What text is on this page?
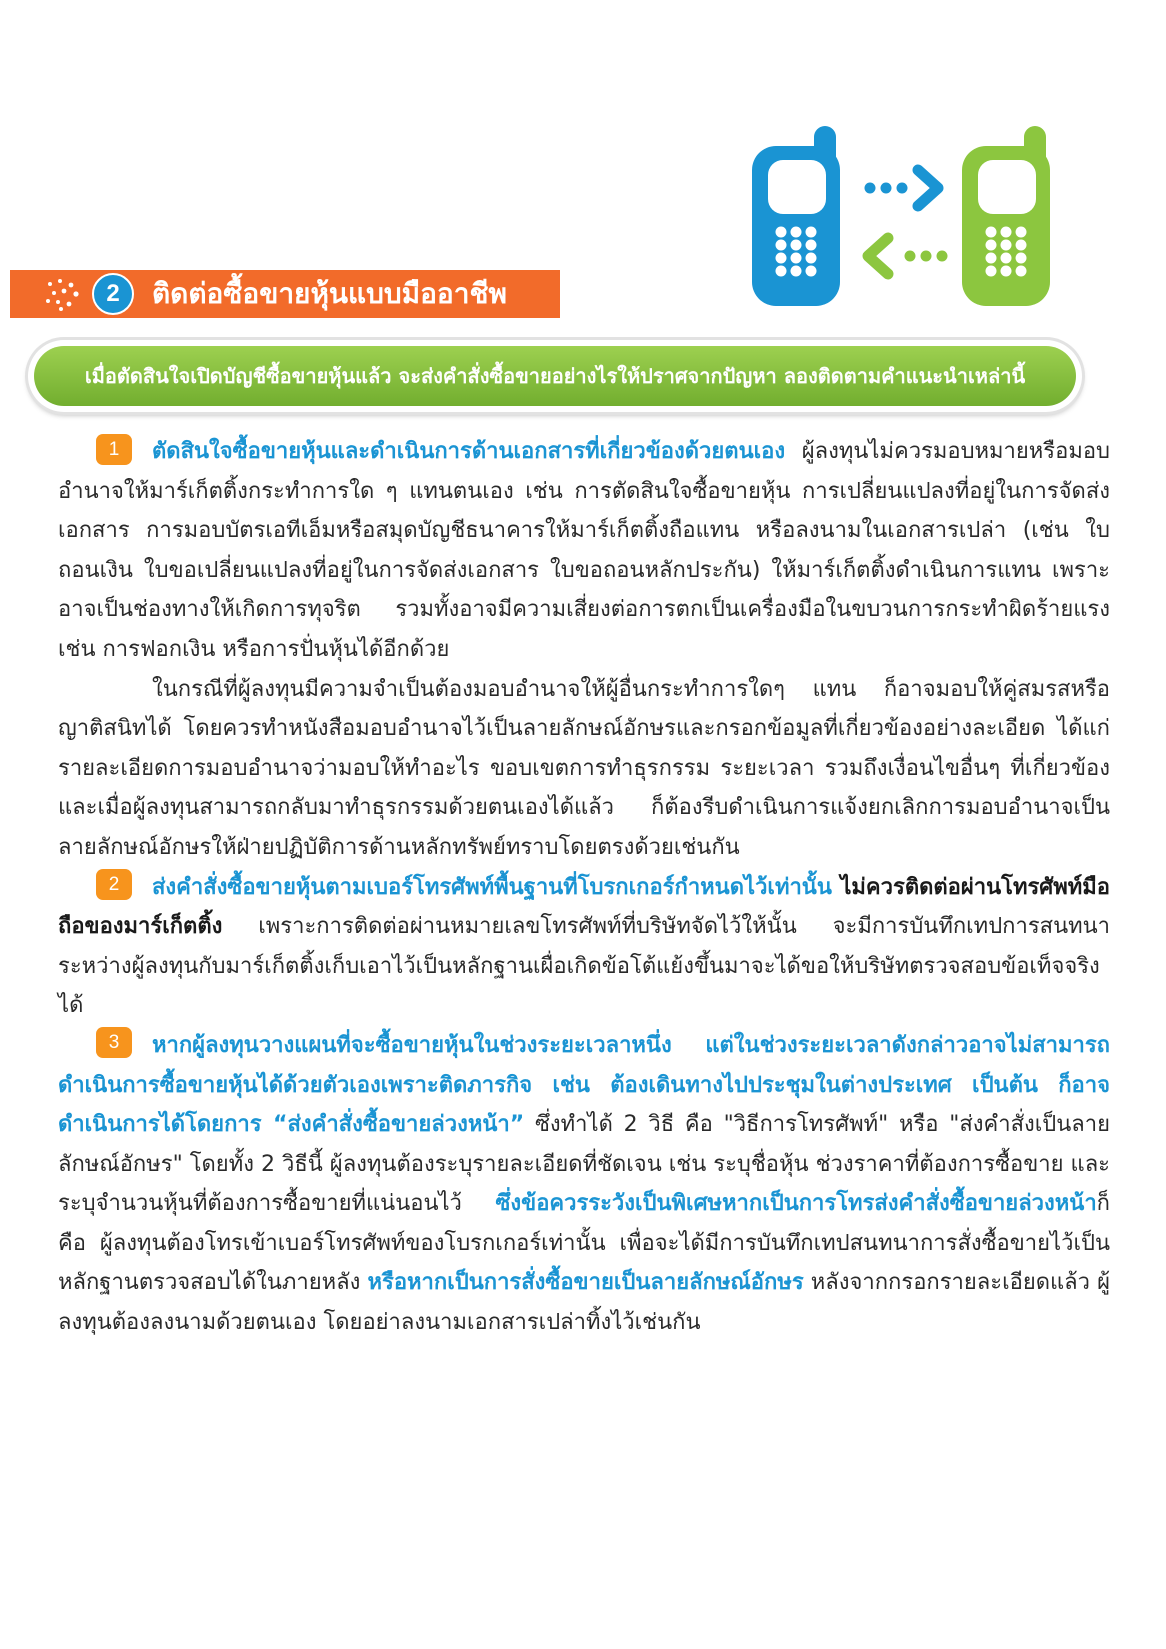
2	ติดต่อซื้อขายหุ้นแบบมืออาชีพ
เมื่อตัดสินใจเปิดบัญชีซื้อขายหุ้นแล้ว จะส่งคำสั่งซื้อขายอย่างไรให้ปราศจากปัญหา ลองติดตามคำแนะนำเหล่านี้

1 ตัดสินใจซื้อขายหุ้นและดำเนินการด้านเอกสารที่เกี่ยวข้องด้วยตนเอง ผู้ลงทุนไม่ควรมอบหมายหรือมอบอำนาจให้มาร์เก็ตติ้งกระทำการใด ๆ แทนตนเอง เช่น การตัดสินใจซื้อขายหุ้น การเปลี่ยนแปลงที่อยู่ในการจัดส่งเอกสาร การมอบบัตรเอทีเอ็มหรือสมุดบัญชีธนาคารให้มาร์เก็ตติ้งถือแทน หรือลงนามในเอกสารเปล่า (เช่น ใบถอนเงิน ใบขอเปลี่ยนแปลงที่อยู่ในการจัดส่งเอกสาร ใบขอถอนหลักประกัน) ให้มาร์เก็ตติ้งดำเนินการแทน เพราะอาจเป็นช่องทางให้เกิดการทุจริต รวมทั้งอาจมีความเสี่ยงต่อการตกเป็นเครื่องมือในขบวนการกระทำผิดร้ายแรง เช่น การฟอกเงิน หรือการปั่นหุ้นได้อีกด้วย

ในกรณีที่ผู้ลงทุนมีความจำเป็นต้องมอบอำนาจให้ผู้อื่นกระทำการใดๆ แทน ก็อาจมอบให้คู่สมรสหรือญาติสนิทได้ โดยควรทำหนังสือมอบอำนาจไว้เป็นลายลักษณ์อักษรและกรอกข้อมูลที่เกี่ยวข้องอย่างละเอียด ได้แก่ รายละเอียดการมอบอำนาจว่ามอบให้ทำอะไร ขอบเขตการทำธุรกรรม ระยะเวลา รวมถึงเงื่อนไขอื่นๆ ที่เกี่ยวข้อง และเมื่อผู้ลงทุนสามารถกลับมาทำธุรกรรมด้วยตนเองได้แล้ว ก็ต้องรีบดำเนินการแจ้งยกเลิกการมอบอำนาจเป็นลายลักษณ์อักษรให้ฝ่ายปฏิบัติการด้านหลักทรัพย์ทราบโดยตรงด้วยเช่นกัน

2 ส่งคำสั่งซื้อขายหุ้นตามเบอร์โทรศัพท์พื้นฐานที่โบรกเกอร์กำหนดไว้เท่านั้น ไม่ควรติดต่อผ่านโทรศัพท์มือถือของมาร์เก็ตติ้ง เพราะการติดต่อผ่านหมายเลขโทรศัพท์ที่บริษัทจัดไว้ให้นั้น จะมีการบันทึกเทปการสนทนาระหว่างผู้ลงทุนกับมาร์เก็ตติ้งเก็บเอาไว้เป็นหลักฐานเผื่อเกิดข้อโต้แย้งขึ้นมาจะได้ขอให้บริษัทตรวจสอบข้อเท็จจริงได้

3 หากผู้ลงทุนวางแผนที่จะซื้อขายหุ้นในช่วงระยะเวลาหนึ่ง แต่ในช่วงระยะเวลาดังกล่าวอาจไม่สามารถดำเนินการซื้อขายหุ้นได้ด้วยตัวเองเพราะติดภารกิจ เช่น ต้องเดินทางไปประชุมในต่างประเทศ เป็นต้น ก็อาจดำเนินการได้โดยการ “ส่งคำสั่งซื้อขายล่วงหน้า” ซึ่งทำได้ 2 วิธี คือ "วิธีการโทรศัพท์" หรือ "ส่งคำสั่งเป็นลายลักษณ์อักษร" โดยทั้ง 2 วิธีนี้ ผู้ลงทุนต้องระบุรายละเอียดที่ชัดเจน เช่น ระบุชื่อหุ้น ช่วงราคาที่ต้องการซื้อขาย และระบุจำนวนหุ้นที่ต้องการซื้อขายที่แน่นอนไว้ ซึ่งข้อควรระวังเป็นพิเศษหากเป็นการโทรส่งคำสั่งซื้อขายล่วงหน้าก็คือ ผู้ลงทุนต้องโทรเข้าเบอร์โทรศัพท์ของโบรกเกอร์เท่านั้น เพื่อจะได้มีการบันทึกเทปสนทนาการสั่งซื้อขายไว้เป็นหลักฐานตรวจสอบได้ในภายหลัง หรือหากเป็นการสั่งซื้อขายเป็นลายลักษณ์อักษร หลังจากกรอกรายละเอียดแล้ว ผู้ลงทุนต้องลงนามด้วยตนเอง โดยอย่าลงนามเอกสารเปล่าทิ้งไว้เช่นกัน
